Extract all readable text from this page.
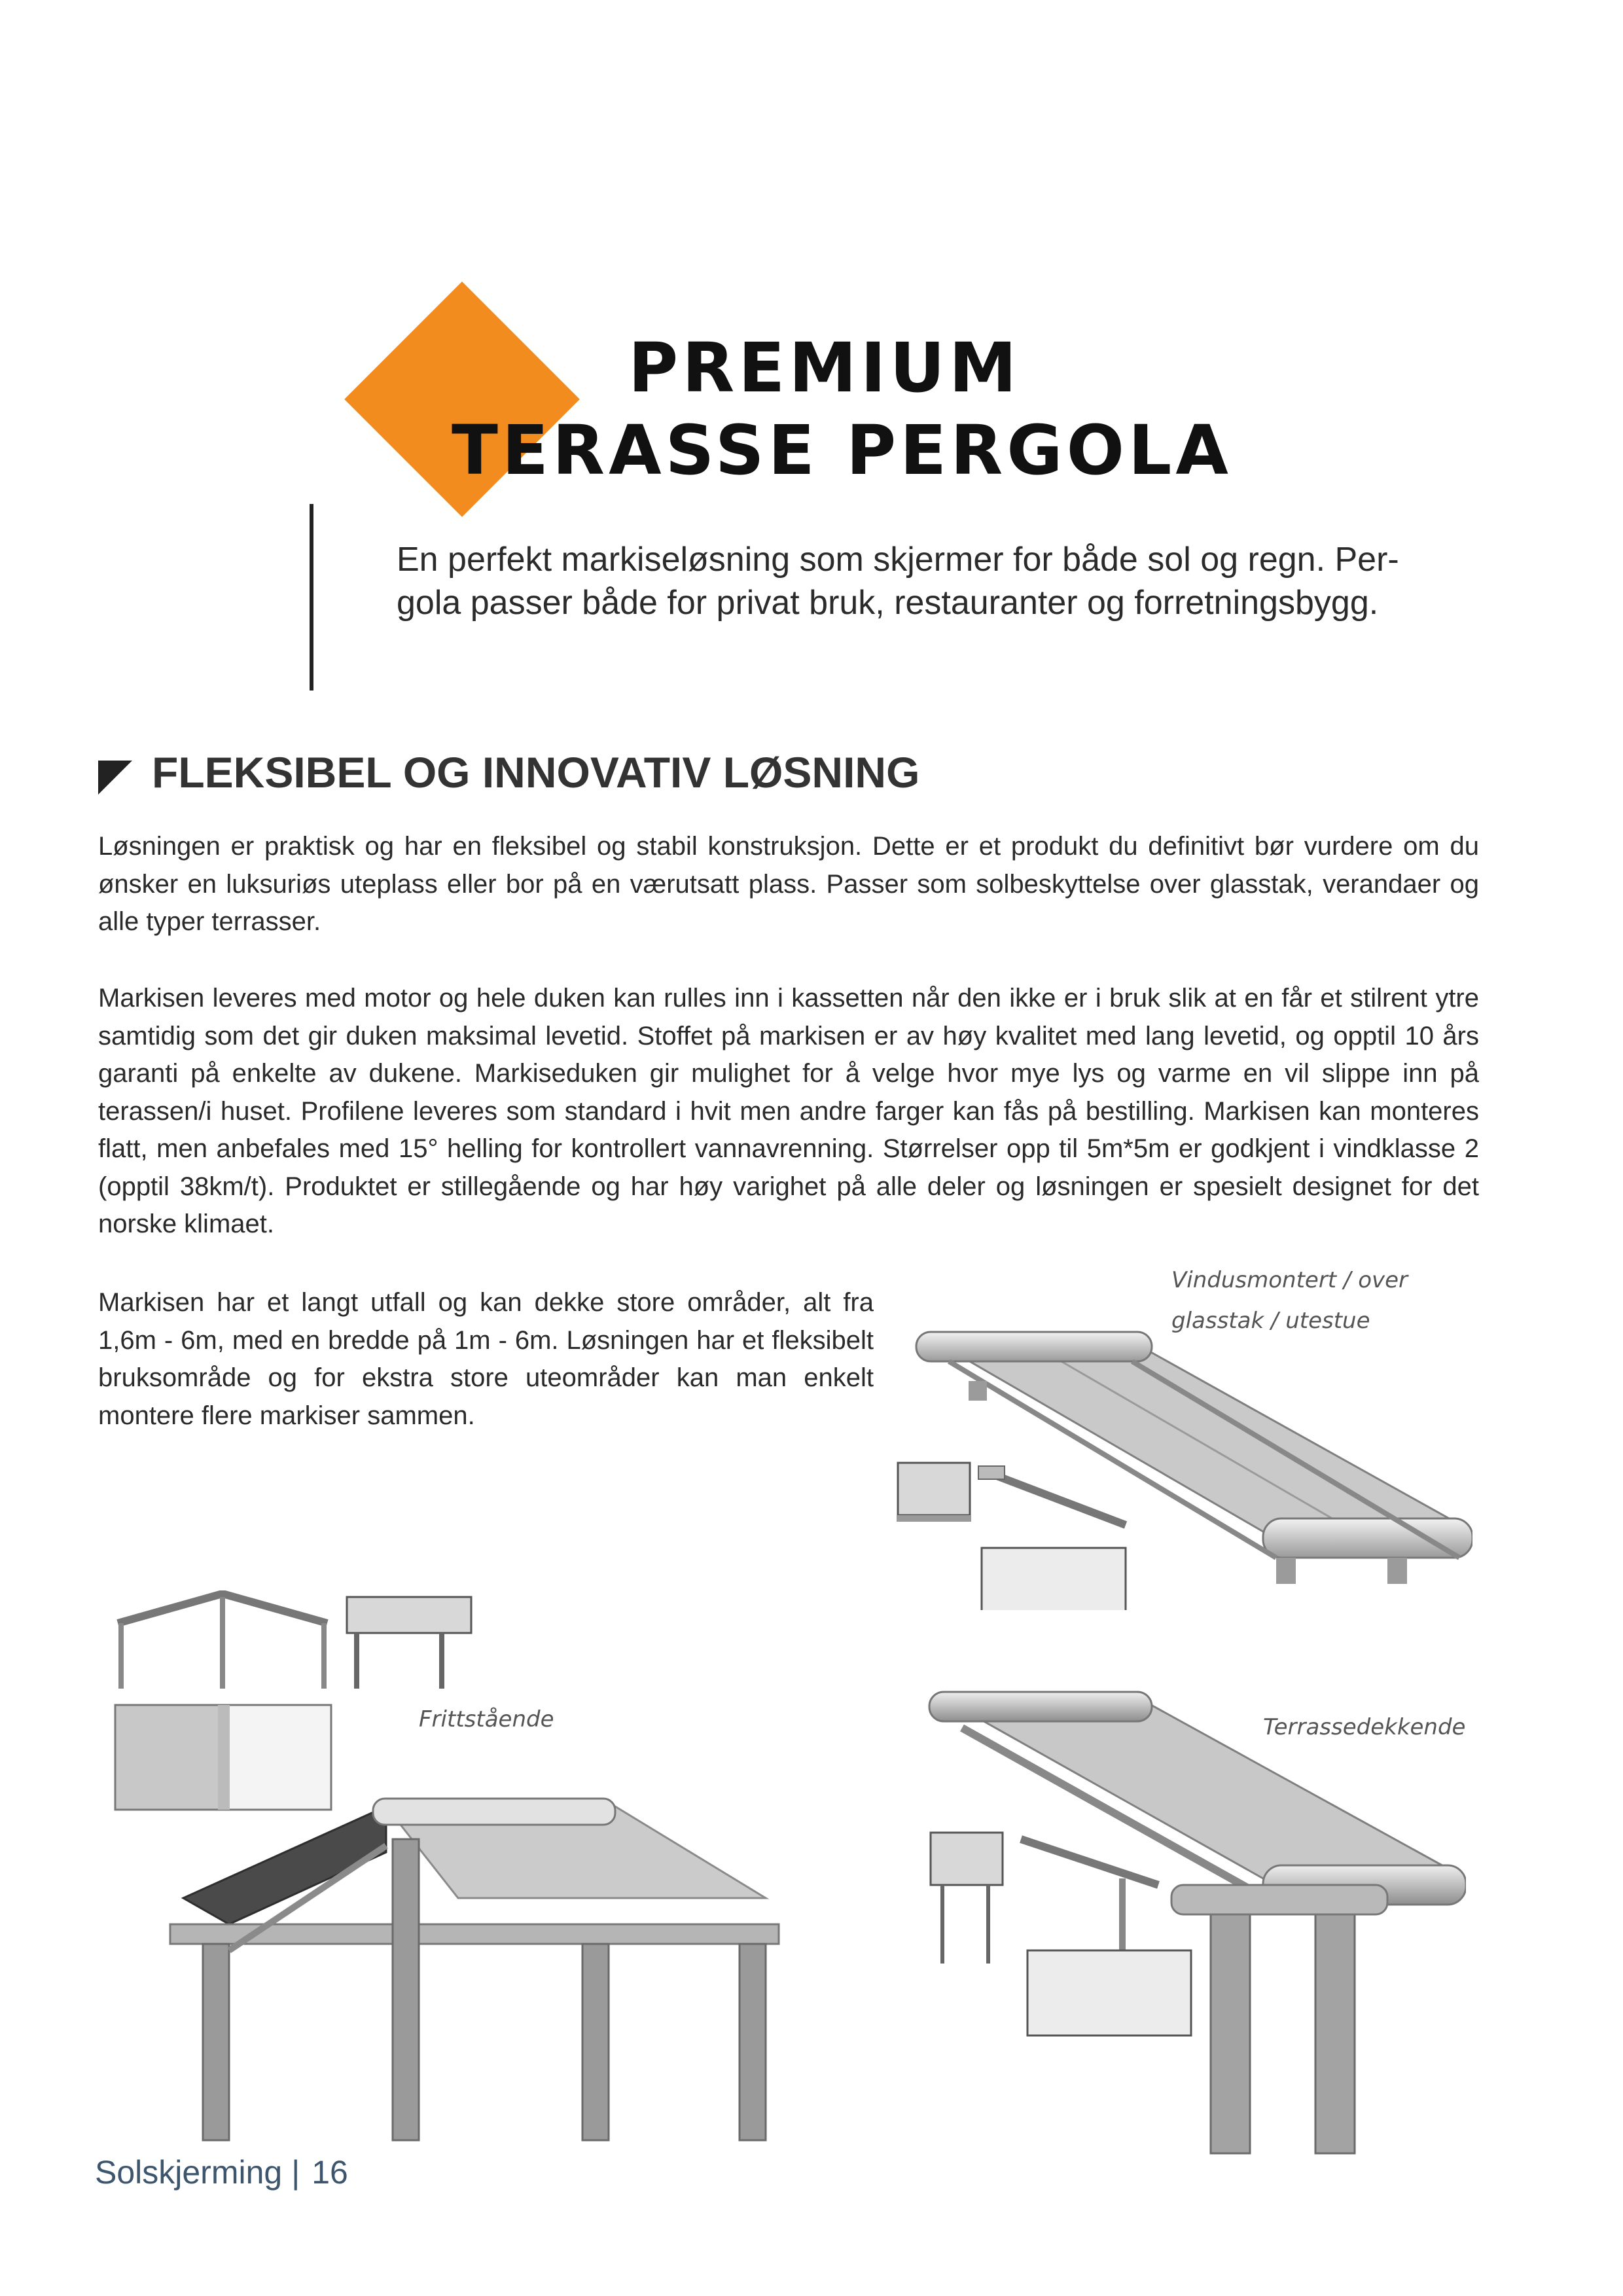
PREMIUM
TERASSE PERGOLA
En perfekt markiseløsning som skjermer for både sol og regn. Per-
gola passer både for privat bruk, restauranter og forretningsbygg.
FLEKSIBEL OG INNOVATIV LØSNING
Løsningen er praktisk og har en fleksibel og stabil konstruksjon. Dette er et produkt du definitivt bør vurdere om du ønsker en luksuriøs uteplass eller bor på en værutsatt plass. Passer som solbeskyttelse over glasstak, verandaer og alle typer terrasser.
Markisen leveres med motor og hele duken kan rulles inn i kassetten når den ikke er i bruk slik at en får et stilrent ytre samtidig som det gir duken maksimal levetid. Stoffet på markisen er av høy kvalitet med lang levetid, og opptil 10 års garanti på enkelte av dukene. Markiseduken gir mulighet for å velge hvor mye lys og varme en vil slippe inn på terassen/i huset. Profilene leveres som standard i hvit men andre farger kan fås på bestilling. Markisen kan monteres flatt, men anbefales med 15° helling for kontrollert vannavrenning. Størrelser opp til 5m*5m er godkjent i vindklasse 2 (opptil 38km/t). Produktet er stillegående og har høy varighet på alle deler og løsningen er spesielt designet for det norske klimaet.
Markisen har et langt utfall og kan dekke store områder, alt fra 1,6m - 6m, med en bredde på 1m - 6m. Løsningen har et fleksibelt bruksområde og for ekstra store uteområder kan man enkelt montere flere markiser sammen.
Vindusmontert / over
glasstak / utestue
Frittstående	Terrassedekkende
Solskjerming | 16
